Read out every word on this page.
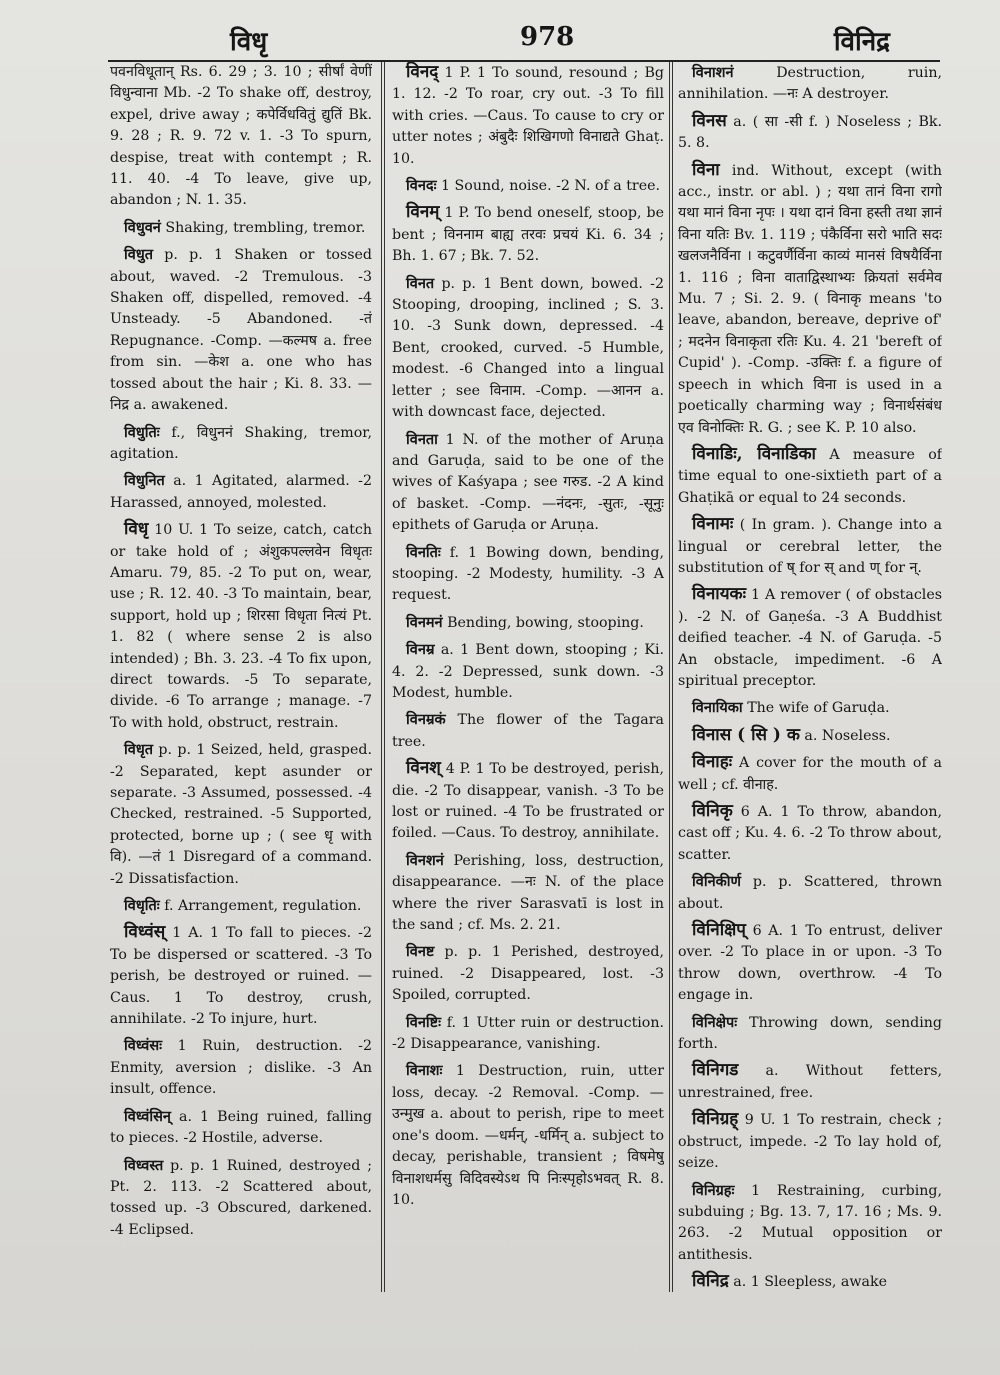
विधृ	978	विनिद्र

पवनविधूतान् Rs. 6. 29 ; 3. 10 ; सीर्षां वेणीं विधुन्वाना Mb. -2 To shake off, destroy, expel, drive away ; कपेर्विधवितुं द्युतिं Bk. 9. 28 ; R. 9. 72 v. 1. -3 To spurn, despise, treat with contempt ; R. 11. 40. -4 To leave, give up, abandon ; N. 1. 35.

विधुवनं Shaking, trembling, tremor.

विधुत p. p. 1 Shaken or tossed about, waved. -2 Tremulous. -3 Shaken off, dispelled, removed. -4 Unsteady. -5 Abandoned. -तं Repugnance. -Comp. —कल्मष a. free from sin. —केश a. one who has tossed about the hair ; Ki. 8. 33. —निद्र a. awakened.

विधुतिः f., विधुननं Shaking, tremor, agitation.

विधुनित a. 1 Agitated, alarmed. -2 Harassed, annoyed, molested.

विधृ 10 U. 1 To seize, catch, catch or take hold of ; अंशुकपल्लवेन विधृतः Amaru. 79, 85. -2 To put on, wear, use ; R. 12. 40. -3 To maintain, bear, support, hold up ; शिरसा विधृता नित्यं Pt. 1. 82 ( where sense 2 is also intended) ; Bh. 3. 23. -4 To fix upon, direct towards. -5 To separate, divide. -6 To arrange ; manage. -7 To with hold, obstruct, restrain.

विधृत p. p. 1 Seized, held, grasped. -2 Separated, kept asunder or separate. -3 Assumed, possessed. -4 Checked, restrained. -5 Supported, protected, borne up ; ( see धृ with वि). —तं 1 Disregard of a command. -2 Dissatisfaction.

विधृतिः f. Arrangement, regulation.

विध्वंस् 1 A. 1 To fall to pieces. -2 To be dispersed or scattered. -3 To perish, be destroyed or ruined. —Caus. 1 To destroy, crush, annihilate. -2 To injure, hurt.

विध्वंसः 1 Ruin, destruction. -2 Enmity, aversion ; dislike. -3 An insult, offence.

विध्वंसिन् a. 1 Being ruined, falling to pieces. -2 Hostile, adverse.

विध्वस्त p. p. 1 Ruined, destroyed ; Pt. 2. 113. -2 Scattered about, tossed up. -3 Obscured, darkened. -4 Eclipsed.

विनद् 1 P. 1 To sound, resound ; Bg 1. 12. -2 To roar, cry out. -3 To fill with cries. —Caus. To cause to cry or utter notes ; अंबुदैः शिखिगणो विनाद्यते Ghaṭ. 10.

विनदः 1 Sound, noise. -2 N. of a tree.

विनम् 1 P. To bend oneself, stoop, be bent ; विननाम बाह्य तरवः प्रचयं Ki. 6. 34 ; Bh. 1. 67 ; Bk. 7. 52.

विनत p. p. 1 Bent down, bowed. -2 Stooping, drooping, inclined ; S. 3. 10. -3 Sunk down, depressed. -4 Bent, crooked, curved. -5 Humble, modest. -6 Changed into a lingual letter ; see विनाम. -Comp. —आनन a. with downcast face, dejected.

विनता 1 N. of the mother of Aruṇa and Garuḍa, said to be one of the wives of Kaśyapa ; see गरुड. -2 A kind of basket. -Comp. —नंदनः, -सुतः, -सूनुः epithets of Garuḍa or Aruṇa.

विनतिः f. 1 Bowing down, bending, stooping. -2 Modesty, humility. -3 A request.

विनमनं Bending, bowing, stooping.

विनम्र a. 1 Bent down, stooping ; Ki. 4. 2. -2 Depressed, sunk down. -3 Modest, humble.

विनम्रकं The flower of the Tagara tree.

विनश् 4 P. 1 To be destroyed, perish, die. -2 To disappear, vanish. -3 To be lost or ruined. -4 To be frustrated or foiled. —Caus. To destroy, annihilate.

विनशनं Perishing, loss, destruction, disappearance. —नः N. of the place where the river Sarasvatī is lost in the sand ; cf. Ms. 2. 21.

विनष्ट p. p. 1 Perished, destroyed, ruined. -2 Disappeared, lost. -3 Spoiled, corrupted.

विनष्टिः f. 1 Utter ruin or destruction. -2 Disappearance, vanishing.

विनाशः 1 Destruction, ruin, utter loss, decay. -2 Removal. -Comp. —उन्मुख a. about to perish, ripe to meet one's doom. —धर्मन्, -धर्मिन् a. subject to decay, perishable, transient ; विषमेषु विनाशधर्मसु विदिवस्येऽथ पि निःस्पृहोऽभवत् R. 8. 10.

विनाशनं	Destruction, ruin, annihilation. —नः A destroyer.

विनस a. ( सा -सी f. ) Noseless ; Bk. 5. 8.

विना ind. Without, except (with acc., instr. or abl. ) ; यथा तानं विना रागो यथा मानं विना नृपः । यथा दानं विना हस्ती तथा ज्ञानं विना यतिः Bv. 1. 119 ; पंकैर्विना सरो भाति सदः खलजनैर्विना । कटुवर्णैर्विना काव्यं मानसं विषयैर्विना 1. 116 ; विना वाताद्विस्थाभ्यः क्रियतां सर्वमेव Mu. 7 ; Si. 2. 9. ( विनाकृ means 'to leave, abandon, bereave, deprive of' ; मदनेन विनाकृता रतिः Ku. 4. 21 'bereft of Cupid' ). -Comp. -उक्तिः f. a figure of speech in which विना is used in a poetically charming way ; विनार्थसंबंध एव विनोक्तिः R. G. ; see K. P. 10 also.

विनाडिः, विनाडिका A measure of time equal to one-sixtieth part of a Ghaṭikā or equal to 24 seconds.

विनामः ( In gram. ). Change into a lingual or cerebral letter, the substitution of ष् for स् and ण् for न्.

विनायकः 1 A remover ( of obstacles ). -2 N. of Gaṇeśa. -3 A Buddhist deified teacher. -4 N. of Garuḍa. -5 An obstacle, impediment. -6 A spiritual preceptor.

विनायिका The wife of Garuḍa.

विनास ( सि ) क a. Noseless.

विनाहः A cover for the mouth of a well ; cf. वीनाह.

विनिकृ 6 A. 1 To throw, abandon, cast off ; Ku. 4. 6. -2 To throw about, scatter.

विनिकीर्ण p. p. Scattered, thrown about.

विनिक्षिप् 6 A. 1 To entrust, deliver over. -2 To place in or upon. -3 To throw down, overthrow. -4 To engage in.

विनिक्षेपः Throwing down, sending forth.

विनिगड a. Without fetters, unrestrained, free.

विनिग्रह् 9 U. 1 To restrain, check ; obstruct, impede. -2 To lay hold of, seize.

विनिग्रहः 1 Restraining, curbing, subduing ; Bg. 13. 7, 17. 16 ; Ms. 9. 263. -2 Mutual opposition or antithesis.

विनिद्र a. 1 Sleepless, awake
